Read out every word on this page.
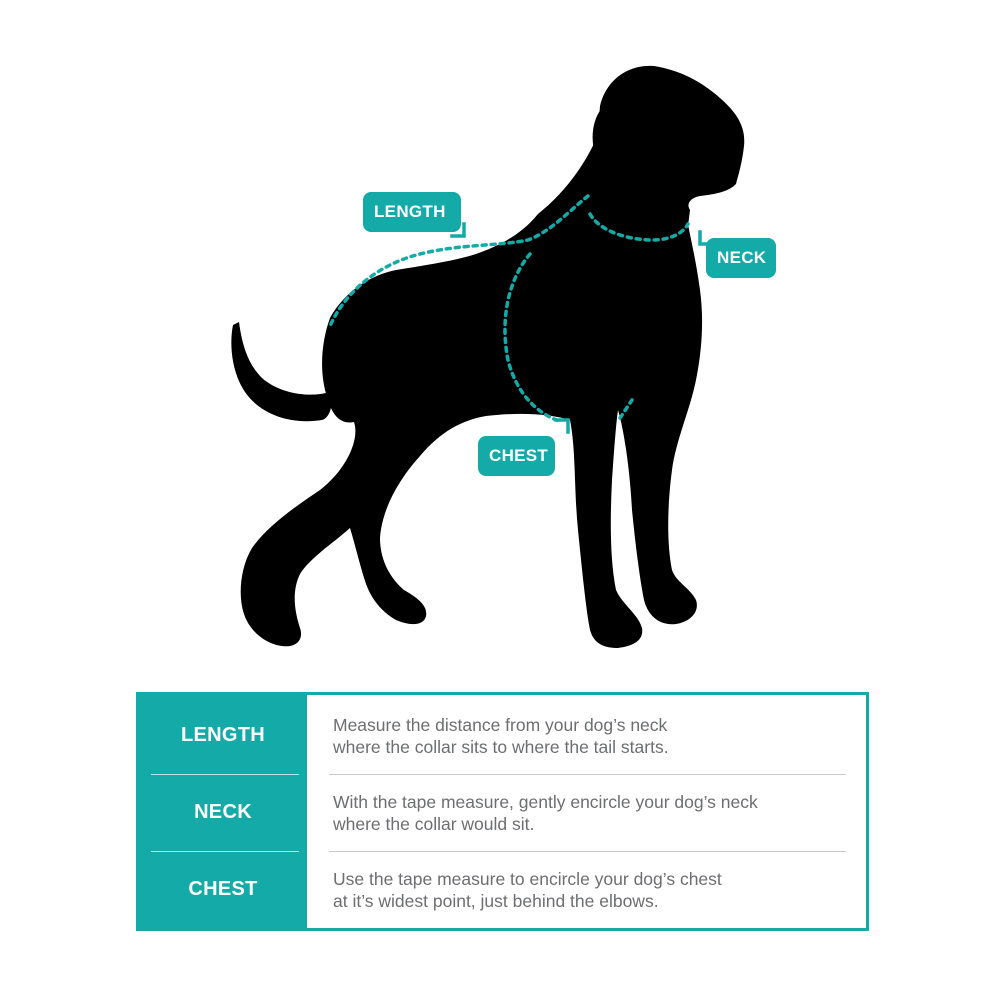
LENGTH
NECK
CHEST
LENGTH	Measure the distance from your dog’s neck
where the collar sits to where the tail starts.
NECK	With the tape measure, gently encircle your dog’s neck
where the collar would sit.
CHEST	Use the tape measure to encircle your dog’s chest
at it’s widest point, just behind the elbows.
